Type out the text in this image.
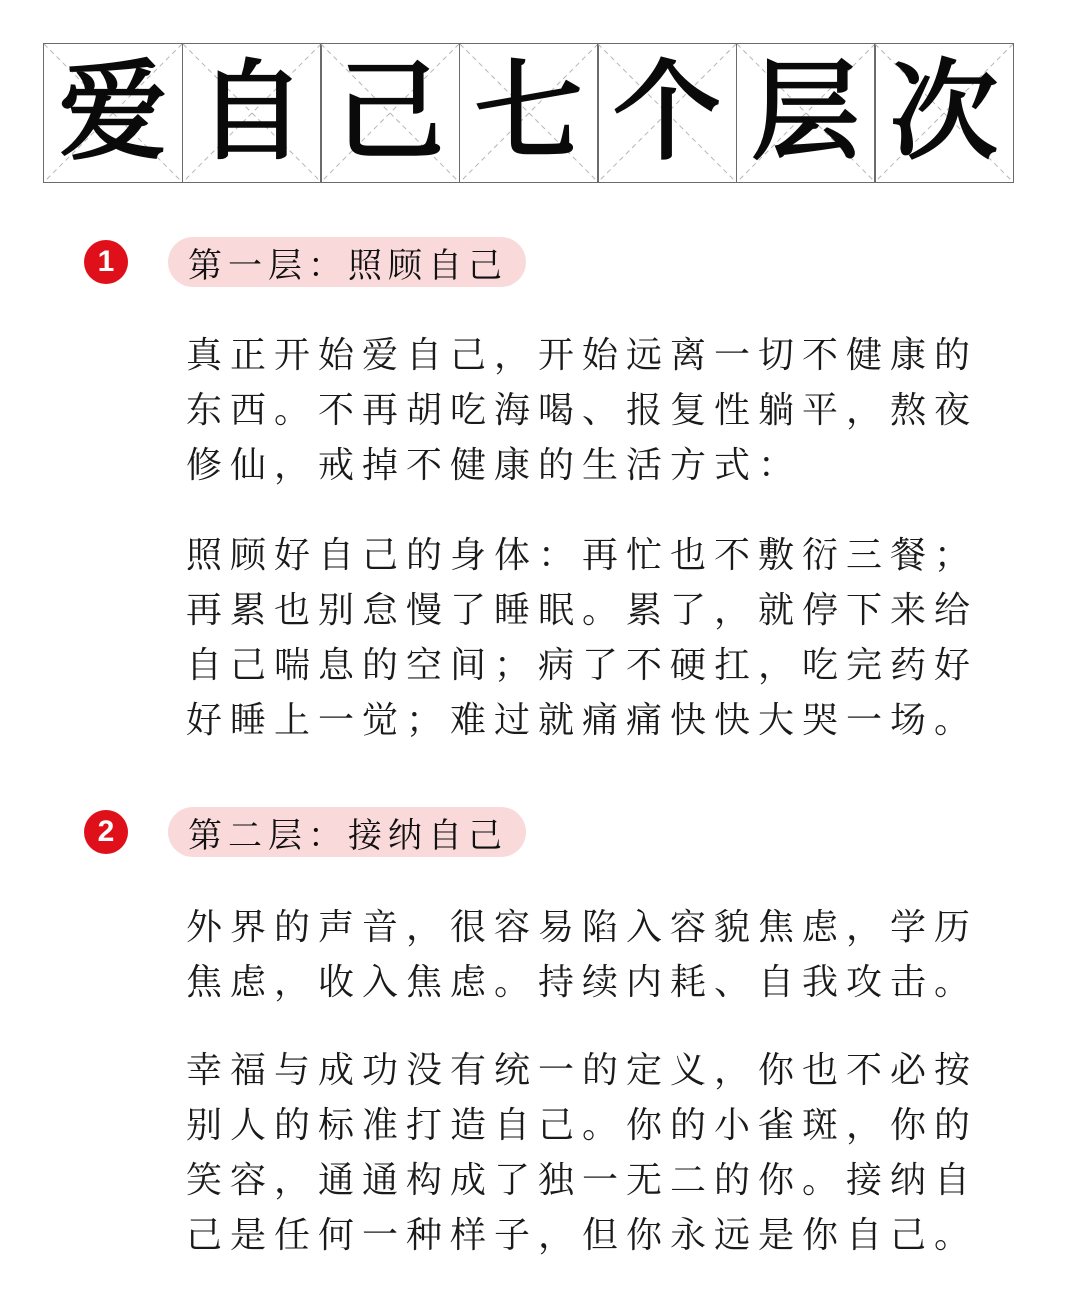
爱 自 己 七 个 层 次
1	第一层：照顾自己

真正开始爱自己，开始远离一切不健康的东西。不再胡吃海喝、报复性躺平，熬夜修仙，戒掉不健康的生活方式：

照顾好自己的身体：再忙也不敷衍三餐；再累也别怠慢了睡眠。累了，就停下来给自己喘息的空间；病了不硬扛，吃完药好好睡上一觉；难过就痛痛快快大哭一场。

2	第二层：接纳自己

外界的声音，很容易陷入容貌焦虑，学历焦虑，收入焦虑。持续内耗、自我攻击。

幸福与成功没有统一的定义，你也不必按别人的标准打造自己。你的小雀斑，你的笑容，通通构成了独一无二的你。接纳自己是任何一种样子，但你永远是你自己。
